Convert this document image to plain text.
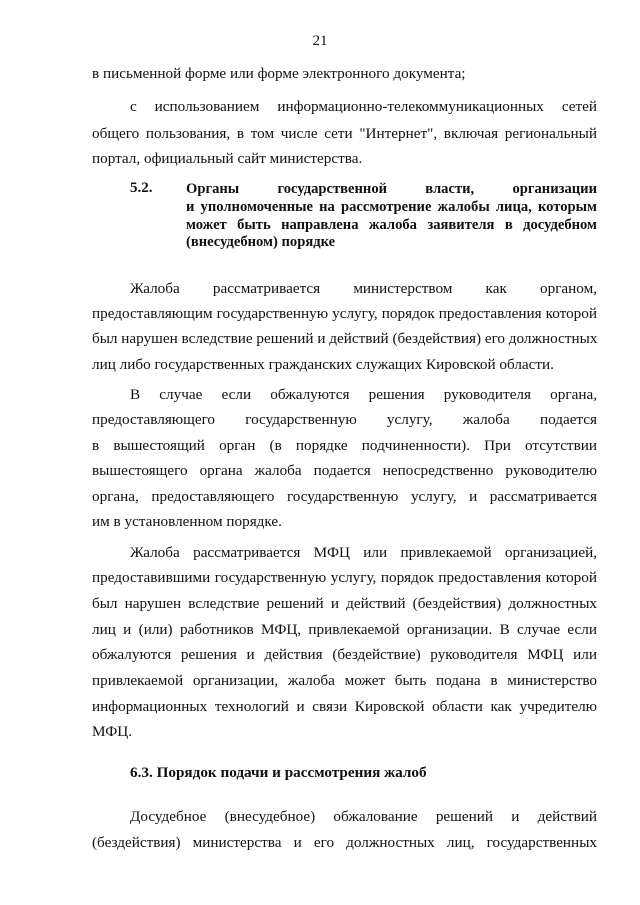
21
в письменной форме или форме электронного документа;
с использованием информационно-телекоммуникационных сетей
общего пользования, в том числе сети "Интернет", включая региональный
портал, официальный сайт министерства.
5.2. Органы государственной власти, организации
и уполномоченные на рассмотрение жалобы лица, которым
может быть направлена жалоба заявителя в досудебном
(внесудебном) порядке
Жалоба рассматривается министерством как органом,
предоставляющим государственную услугу, порядок предоставления которой
был нарушен вследствие решений и действий (бездействия) его должностных
лиц либо государственных гражданских служащих Кировской области.
В случае если обжалуются решения руководителя органа,
предоставляющего государственную услугу, жалоба подается
в вышестоящий орган (в порядке подчиненности). При отсутствии
вышестоящего органа жалоба подается непосредственно руководителю
органа, предоставляющего государственную услугу, и рассматривается
им в установленном порядке.
Жалоба рассматривается МФЦ или привлекаемой организацией,
предоставившими государственную услугу, порядок предоставления которой
был нарушен вследствие решений и действий (бездействия) должностных
лиц и (или) работников МФЦ, привлекаемой организации. В случае если
обжалуются решения и действия (бездействие) руководителя МФЦ или
привлекаемой организации, жалоба может быть подана в министерство
информационных технологий и связи Кировской области как учредителю
МФЦ.
6.3. Порядок подачи и рассмотрения жалоб
Досудебное (внесудебное) обжалование решений и действий
(бездействия) министерства и его должностных лиц, государственных
